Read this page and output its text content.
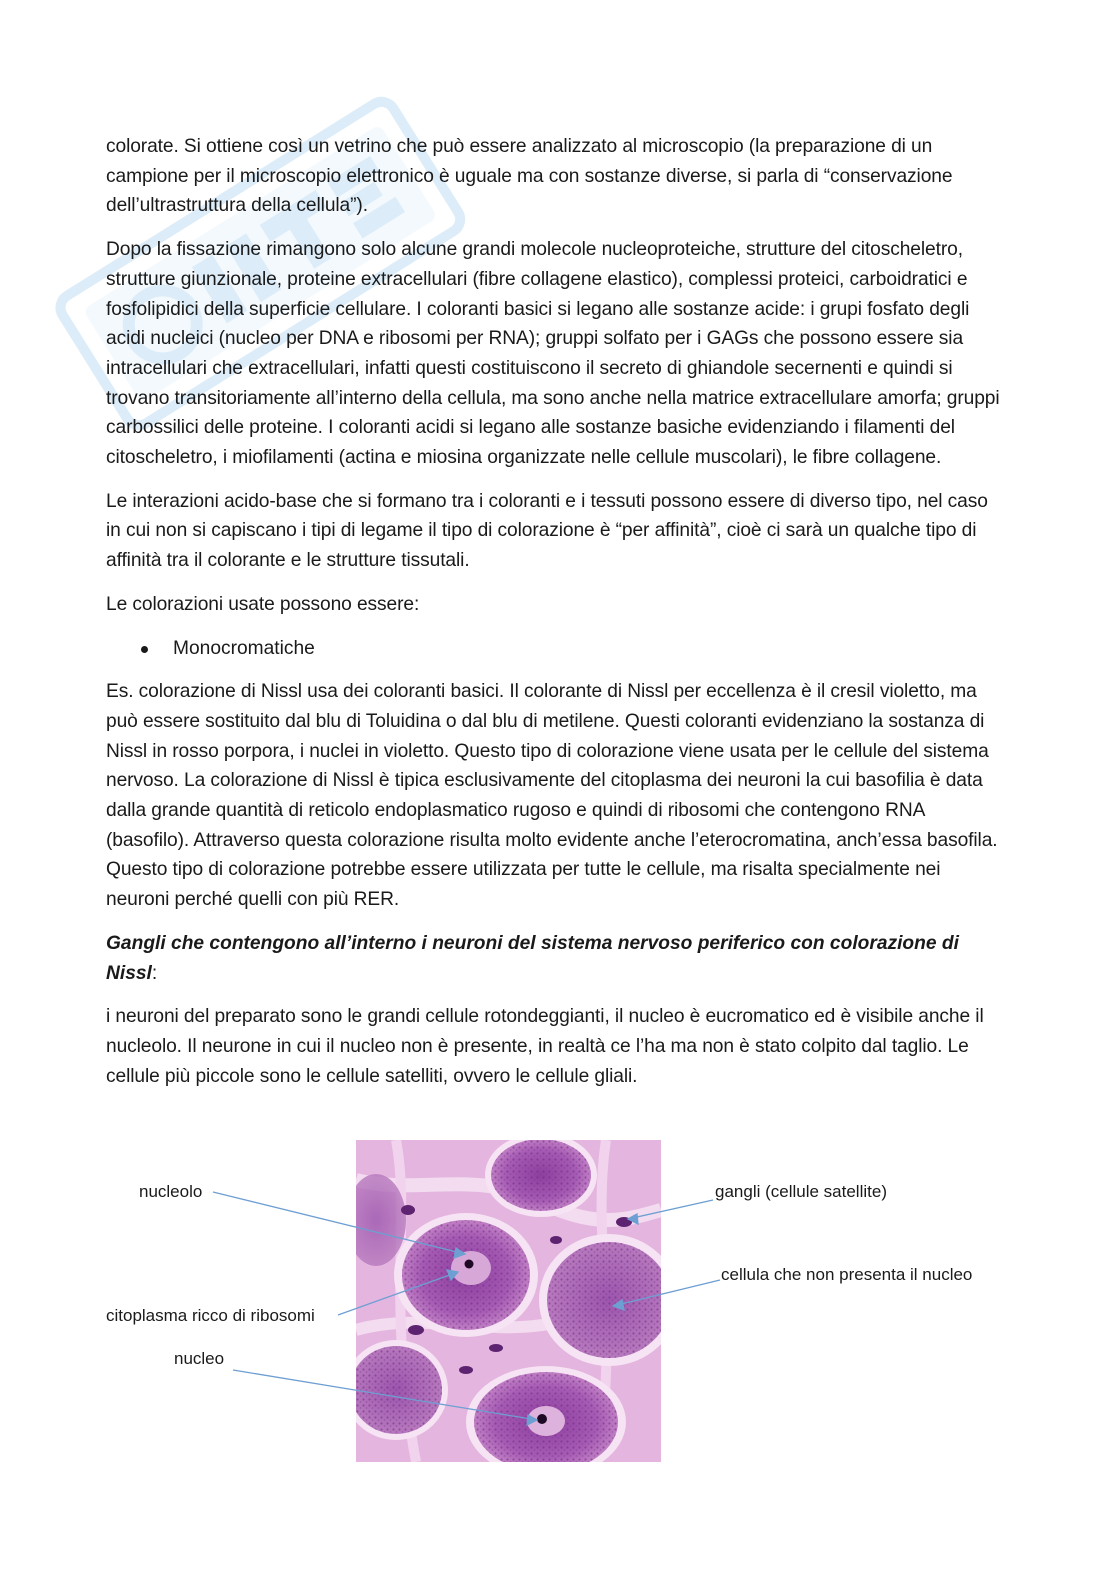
colorate. Si ottiene così un vetrino che può essere analizzato al microscopio (la preparazione di un campione per il microscopio elettronico è uguale ma con sostanze diverse, si parla di “conservazione dell’ultrastruttura della cellula”).

Dopo la fissazione rimangono solo alcune grandi molecole nucleoproteiche, strutture del citoscheletro, strutture giunzionale, proteine extracellulari (fibre collagene elastico), complessi proteici, carboidratici e fosfolipidici della superficie cellulare. I coloranti basici si legano alle sostanze acide: i grupi fosfato degli acidi nucleici (nucleo per DNA e ribosomi per RNA); gruppi solfato per i GAGs che possono essere sia intracellulari che extracellulari, infatti questi costituiscono il secreto di ghiandole secernenti e quindi si trovano transitoriamente all’interno della cellula, ma sono anche nella matrice extracellulare amorfa; gruppi carbossilici delle proteine. I coloranti acidi si legano alle sostanze basiche evidenziando i filamenti del citoscheletro, i miofilamenti (actina e miosina organizzate nelle cellule muscolari), le fibre collagene.

Le interazioni acido-base che si formano tra i coloranti e i tessuti possono essere di diverso tipo, nel caso in cui non si capiscano i tipi di legame il tipo di colorazione è “per affinità”, cioè ci sarà un qualche tipo di affinità tra il colorante e le strutture tissutali.

Le colorazioni usate possono essere:

Monocromatiche

Es. colorazione di Nissl usa dei coloranti basici. Il colorante di Nissl per eccellenza è il cresil violetto, ma può essere sostituito dal blu di Toluidina o dal blu di metilene. Questi coloranti evidenziano la sostanza di Nissl in rosso porpora, i nuclei in violetto. Questo tipo di colorazione viene usata per le cellule del sistema nervoso. La colorazione di Nissl è tipica esclusivamente del citoplasma dei neuroni la cui basofilia è data dalla grande quantità di reticolo endoplasmatico rugoso e quindi di ribosomi che contengono RNA (basofilo). Attraverso questa colorazione risulta molto evidente anche l’eterocromatina, anch’essa basofila. Questo tipo di colorazione potrebbe essere utilizzata per tutte le cellule, ma risalta specialmente nei neuroni perché quelli con più RER.

Gangli che contengono all’interno i neuroni del sistema nervoso periferico con colorazione di Nissl:

i neuroni del preparato sono le grandi cellule rotondeggianti, il nucleo è eucromatico ed è visibile anche il nucleolo. Il neurone in cui il nucleo non è presente, in realtà ce l’ha ma non è stato colpito dal taglio. Le cellule più piccole sono le cellule satelliti, ovvero le cellule gliali.

nucleolo	gangli (cellule satellite)
cellula che non presenta il nucleo
citoplasma ricco di ribosomi
nucleo
